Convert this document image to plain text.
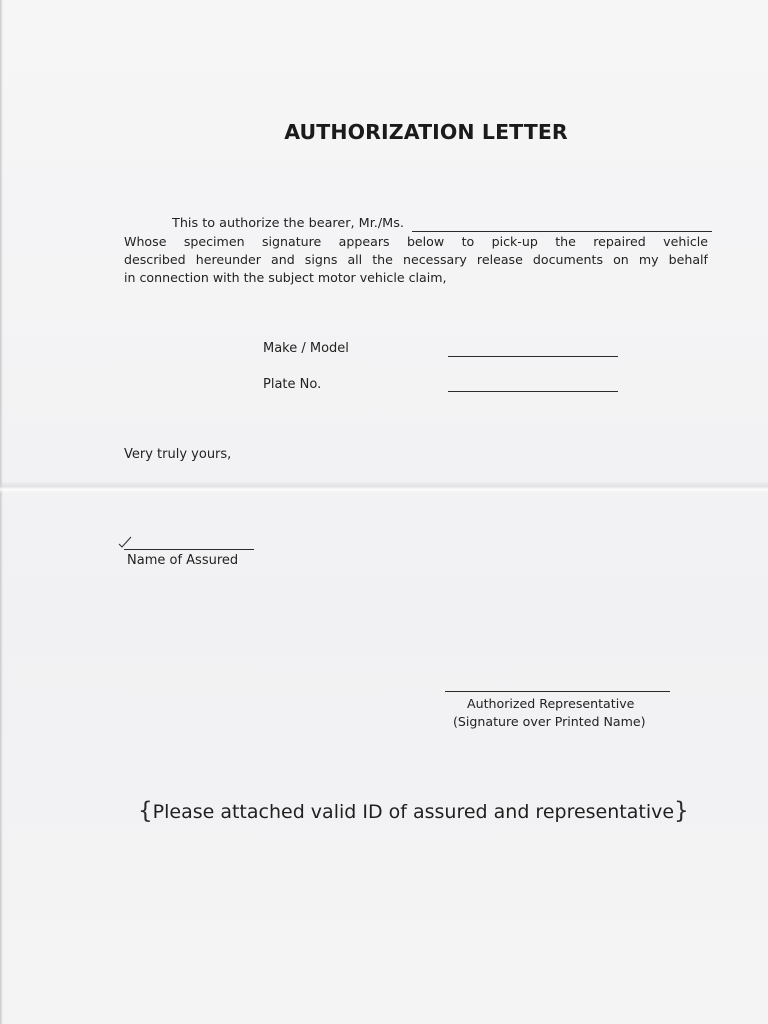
AUTHORIZATION LETTER
This to authorize the bearer, Mr./Ms.
Whose specimen signature appears below to pick-up the repaired vehicle
described hereunder and signs all the necessary release documents on my behalf
in connection with the subject motor vehicle claim,
Make / Model
Plate No.
Very truly yours,
Name of Assured
Authorized Representative
(Signature over Printed Name)
{Please attached valid ID of assured and representative}
